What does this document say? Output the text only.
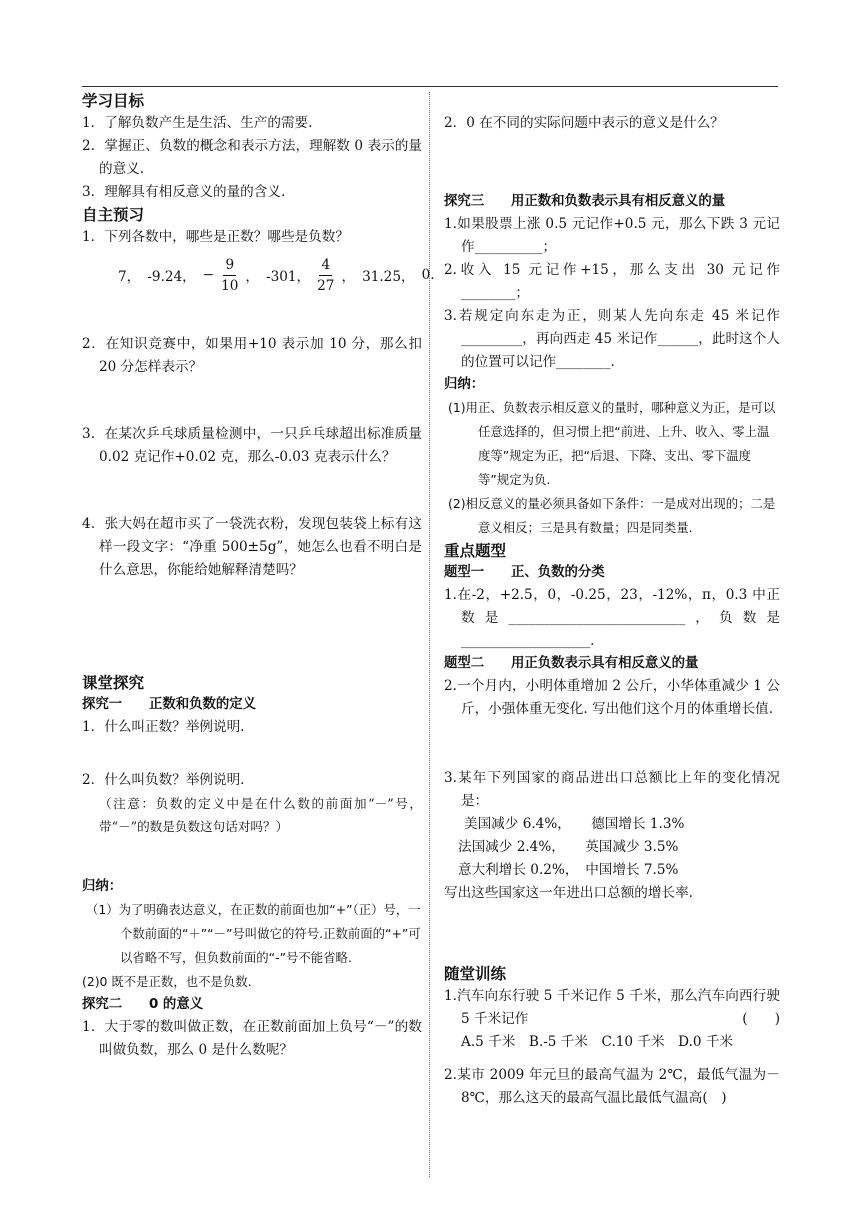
学习目标
1．了解负数产生是生活、生产的需要.
2．掌握正、负数的概念和表示方法，理解数 0 表示的量的意义.
3．理解具有相反意义的量的含义.
自主预习
1．下列各数中，哪些是正数？哪些是负数？
7， -9.24， − $\frac{9}{10}$ ， -301， $\frac{4}{27}$ ， 31.25， 0.
2．在知识竞赛中，如果用+10 表示加 10 分，那么扣 20 分怎样表示？
3．在某次乒乓球质量检测中，一只乒乓球超出标准质量 0.02 克记作+0.02 克，那么-0.03 克表示什么？
4．张大妈在超市买了一袋洗衣粉，发现包装袋上标有这样一段文字：“净重 500±5g”，她怎么也看不明白是什么意思，你能给她解释清楚吗？
课堂探究
探究一　　正数和负数的定义
1．什么叫正数？举例说明.
2．什么叫负数？举例说明.
（注意：负数的定义中是在什么数的前面加“－”号，带“－”的数是负数这句话对吗？）
归纳：
（1）为了明确表达意义，在正数的前面也加“+”（正）号，一个数前面的“＋”“－”号叫做它的符号.正数前面的“+”可以省略不写，但负数前面的“-”号不能省略.
(2)0 既不是正数，也不是负数.
探究二　　0 的意义
1．大于零的数叫做正数，在正数前面加上负号“－”的数叫做负数，那么 0 是什么数呢？
2．0 在不同的实际问题中表示的意义是什么？
探究三　　用正数和负数表示具有相反意义的量
1.如果股票上涨 0.5 元记作+0.5 元，那么下跌 3 元记作__________；
2.收入 15 元记作+15，那么支出 30 元记作________；
3.若规定向东走为正，则某人先向东走 45 米记作_________，再向西走 45 米记作______，此时这个人的位置可以记作________.
归纳：
(1)用正、负数表示相反意义的量时，哪种意义为正，是可以任意选择的，但习惯上把“前进、上升、收入、零上温度等”规定为正，把“后退、下降、支出、零下温度等”规定为负.
(2)相反意义的量必须具备如下条件：一是成对出现的；二是意义相反；三是具有数量；四是同类量.
重点题型
题型一　　正、负数的分类
1.在-2，+2.5，0，-0.25，23，-12%，π，0.3 中正数是__________________________，负数是___________________.
题型二　　用正负数表示具有相反意义的量
2.一个月内，小明体重增加 2 公斤，小华体重减少 1 公斤，小强体重无变化. 写出他们这个月的体重增长值.
3.某年下列国家的商品进出口总额比上年的变化情况是：
美国减少 6.4%，　　德国增长 1.3%
法国减少 2.4%，　　英国减少 3.5%
意大利增长 0.2%，　中国增长 7.5%
写出这些国家这一年进出口总额的增长率.
随堂训练
1.汽车向东行驶 5 千米记作 5 千米，那么汽车向西行驶 5 千米记作	(　　)
A.5 千米　B.-5 千米　C.10 千米　D.0 千米
2.某市 2009 年元旦的最高气温为 2℃，最低气温为－8℃，那么这天的最高气温比最低气温高(　)
